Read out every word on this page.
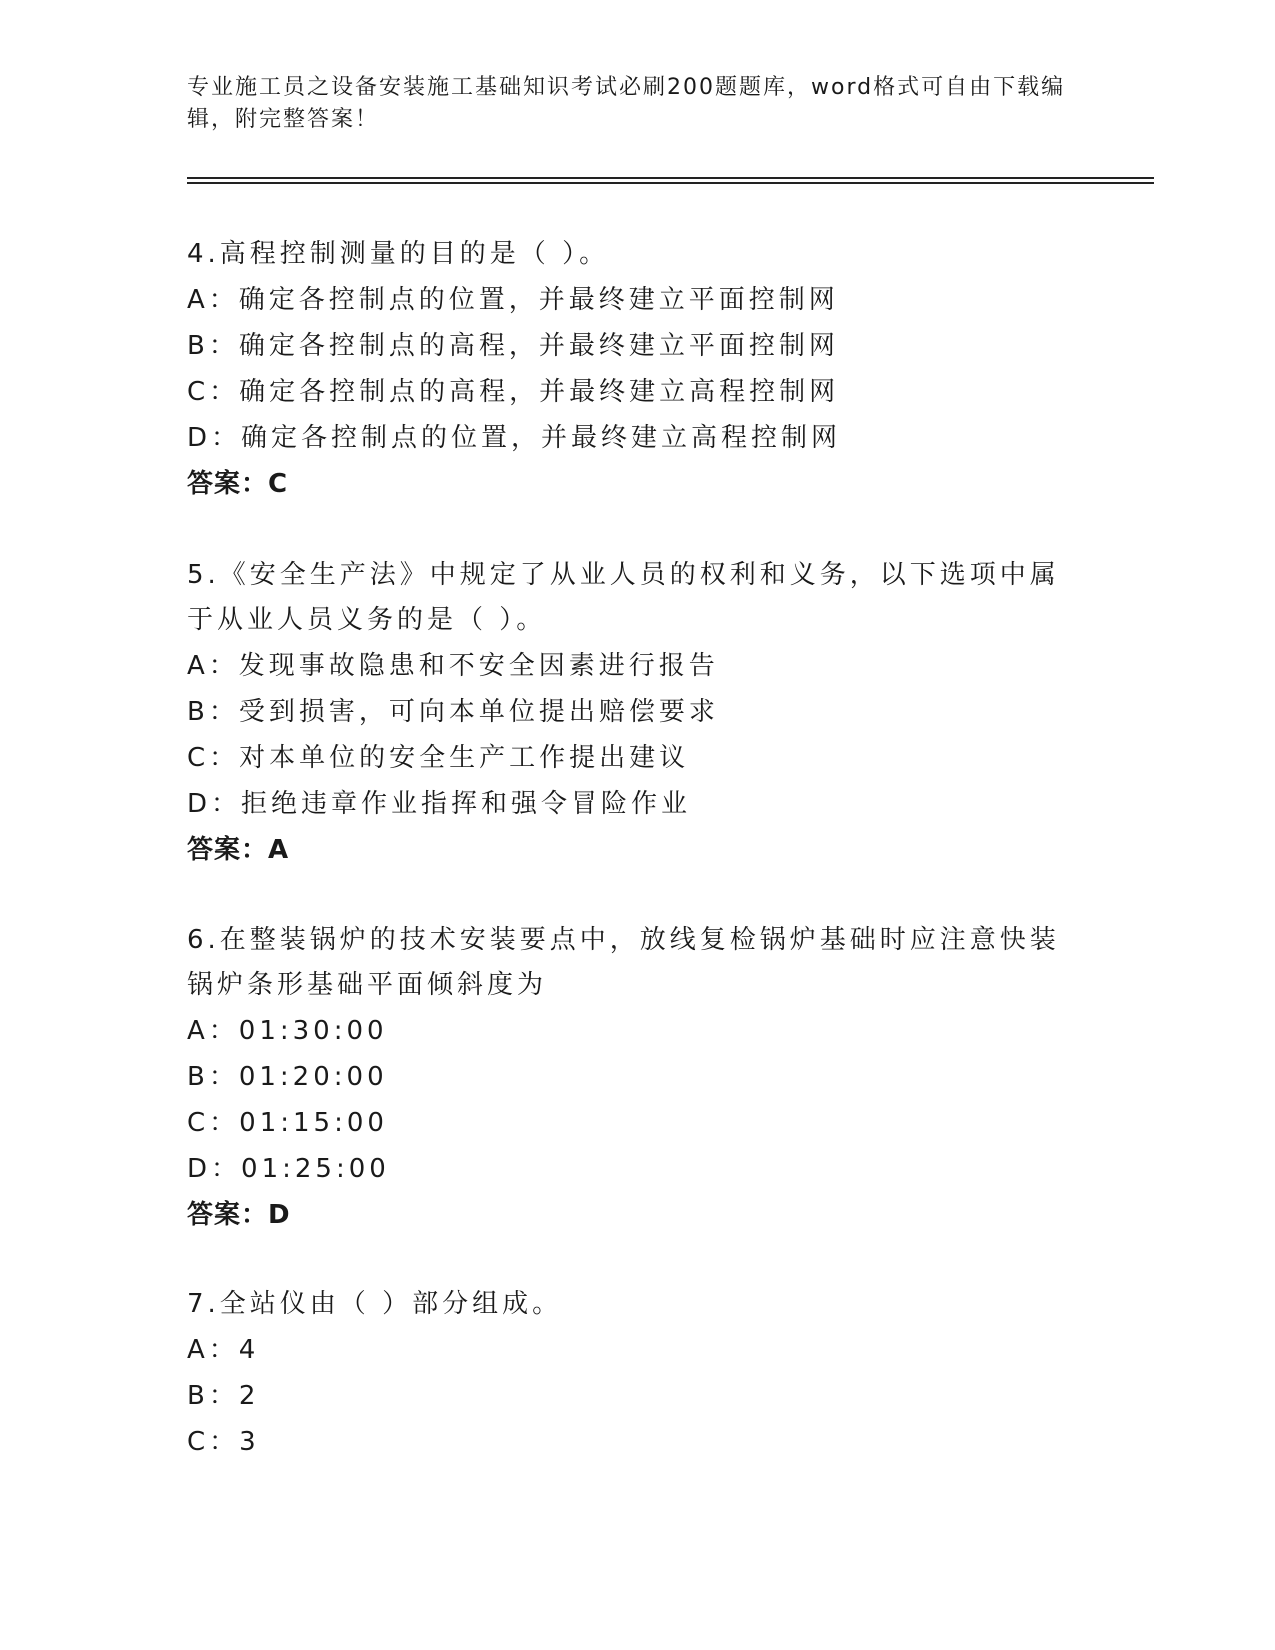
专业施工员之设备安装施工基础知识考试必刷200题题库，word格式可自由下载编辑，附完整答案！

4.高程控制测量的目的是（ ）。

A：确定各控制点的位置，并最终建立平面控制网
B：确定各控制点的高程，并最终建立平面控制网
C：确定各控制点的高程，并最终建立高程控制网
D：确定各控制点的位置，并最终建立高程控制网
答案：C

5.《安全生产法》中规定了从业人员的权利和义务，以下选项中属于从业人员义务的是（ ）。

A：发现事故隐患和不安全因素进行报告
B：受到损害，可向本单位提出赔偿要求
C：对本单位的安全生产工作提出建议
D：拒绝违章作业指挥和强令冒险作业
答案：A

6.在整装锅炉的技术安装要点中，放线复检锅炉基础时应注意快装锅炉条形基础平面倾斜度为

A：01:30:00
B：01:20:00
C：01:15:00
D：01:25:00
答案：D

7.全站仪由（ ）部分组成。

A：4
B：2
C：3
